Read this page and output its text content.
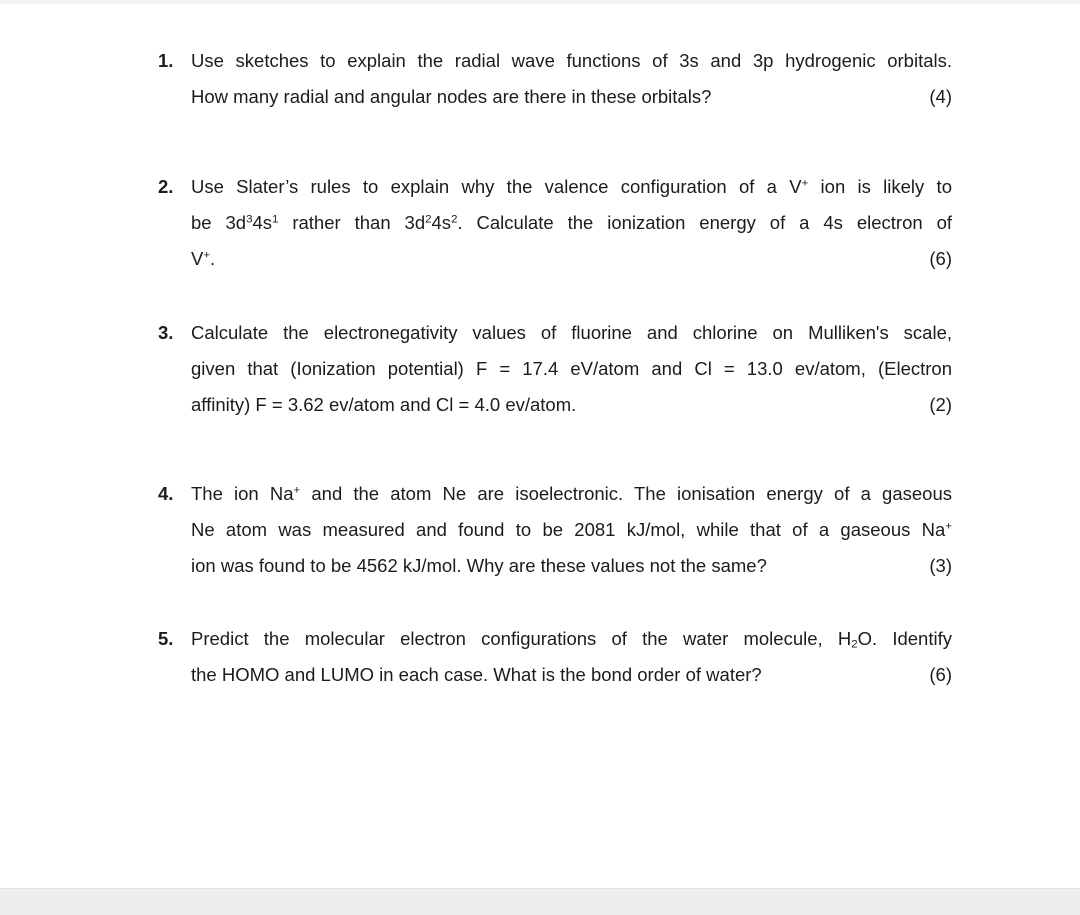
1. Use sketches to explain the radial wave functions of 3s and 3p hydrogenic orbitals.
How many radial and angular nodes are there in these orbitals?	(4)
2. Use Slater’s rules to explain why the valence configuration of a V+ ion is likely to
be $3d^34s^1$ rather than $3d^24s^2$. Calculate the ionization energy of a 4s electron of
V+.	(6)
3. Calculate the electronegativity values of fluorine and chlorine on Mulliken's scale,
given that (Ionization potential) F = 17.4 eV/atom and Cl = 13.0 ev/atom, (Electron
affinity) F = 3.62 ev/atom and Cl = 4.0 ev/atom.	(2)
4. The ion Na+ and the atom Ne are isoelectronic. The ionisation energy of a gaseous
Ne atom was measured and found to be 2081 kJ/mol, while that of a gaseous Na+
ion was found to be 4562 kJ/mol. Why are these values not the same?	(3)
5. Predict the molecular electron configurations of the water molecule, $H_2O$. Identify
the HOMO and LUMO in each case. What is the bond order of water?	(6)
